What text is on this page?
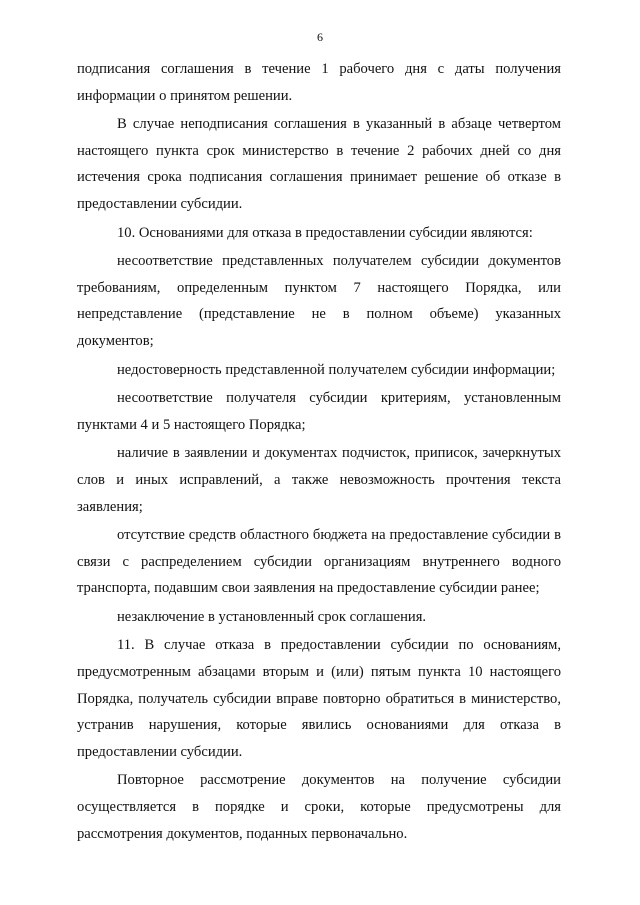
6

подписания соглашения в течение 1 рабочего дня с даты получения информации о принятом решении.

В случае неподписания соглашения в указанный в абзаце четвертом настоящего пункта срок министерство в течение 2 рабочих дней со дня истечения срока подписания соглашения принимает решение об отказе в предоставлении субсидии.

10. Основаниями для отказа в предоставлении субсидии являются:

несоответствие представленных получателем субсидии документов требованиям, определенным пунктом 7 настоящего Порядка, или непредставление (представление не в полном объеме) указанных документов;

недостоверность представленной получателем субсидии информации;

несоответствие получателя субсидии критериям, установленным пунктами 4 и 5 настоящего Порядка;

наличие в заявлении и документах подчисток, приписок, зачеркнутых слов и иных исправлений, а также невозможность прочтения текста заявления;

отсутствие средств областного бюджета на предоставление субсидии в связи с распределением субсидии организациям внутреннего водного транспорта, подавшим свои заявления на предоставление субсидии ранее;

незаключение в установленный срок соглашения.

11. В случае отказа в предоставлении субсидии по основаниям, предусмотренным абзацами вторым и (или) пятым пункта 10 настоящего Порядка, получатель субсидии вправе повторно обратиться в министерство, устранив нарушения, которые явились основаниями для отказа в предоставлении субсидии.

Повторное рассмотрение документов на получение субсидии осуществляется в порядке и сроки, которые предусмотрены для рассмотрения документов, поданных первоначально.
